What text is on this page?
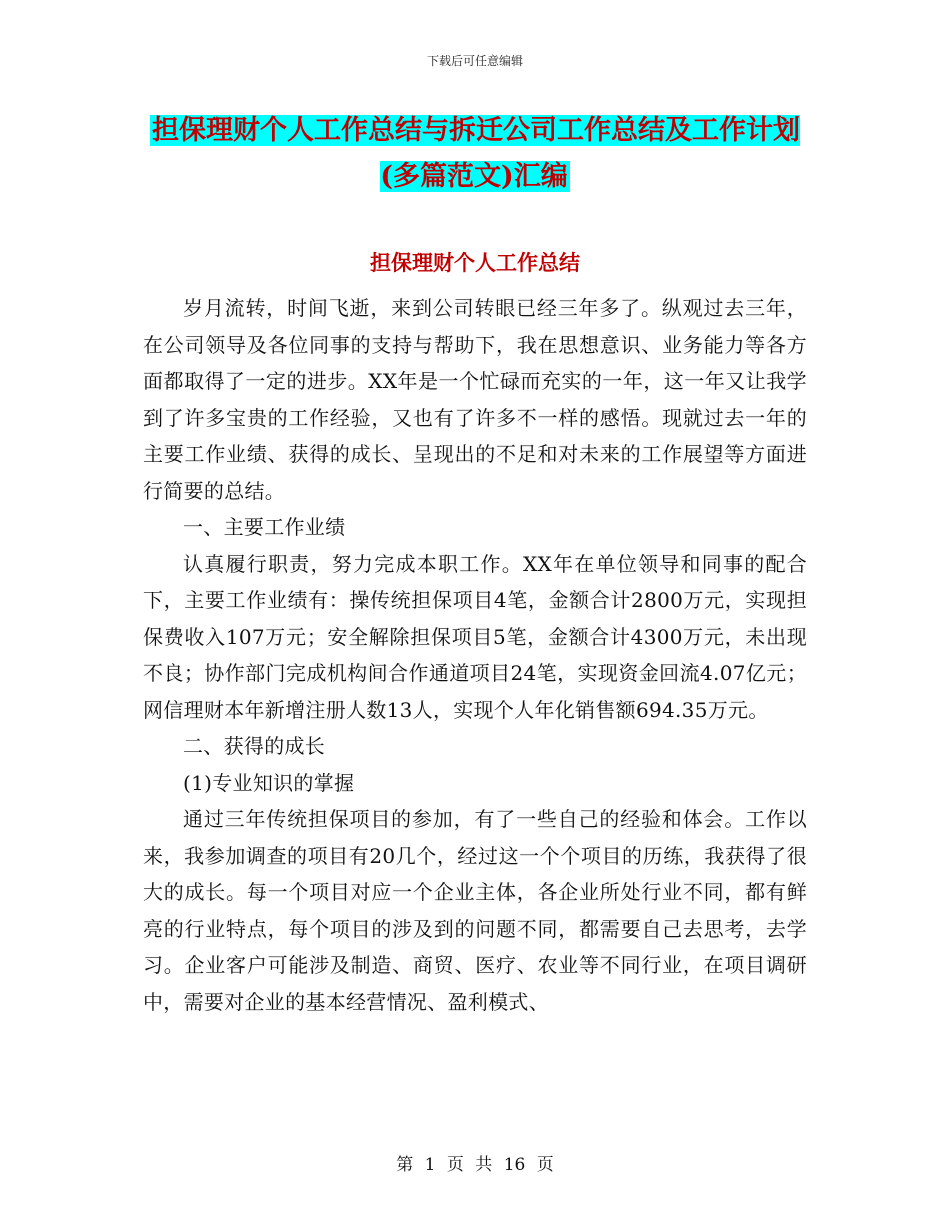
下载后可任意编辑
担保理财个人工作总结与拆迁公司工作总结及工作计划(多篇范文)汇编
担保理财个人工作总结

岁月流转，时间飞逝，来到公司转眼已经三年多了。纵观过去三年，在公司领导及各位同事的支持与帮助下，我在思想意识、业务能力等各方面都取得了一定的进步。XX年是一个忙碌而充实的一年，这一年又让我学到了许多宝贵的工作经验，又也有了许多不一样的感悟。现就过去一年的主要工作业绩、获得的成长、呈现出的不足和对未来的工作展望等方面进行简要的总结。

一、主要工作业绩

认真履行职责，努力完成本职工作。XX年在单位领导和同事的配合下，主要工作业绩有：操传统担保项目4笔，金额合计2800万元，实现担保费收入107万元；安全解除担保项目5笔，金额合计4300万元，未出现不良；协作部门完成机构间合作通道项目24笔，实现资金回流4.07亿元；网信理财本年新增注册人数13人，实现个人年化销售额694.35万元。

二、获得的成长

(1)专业知识的掌握

通过三年传统担保项目的参加，有了一些自己的经验和体会。工作以来，我参加调查的项目有20几个，经过这一个个项目的历练，我获得了很大的成长。每一个项目对应一个企业主体，各企业所处行业不同，都有鲜亮的行业特点，每个项目的涉及到的问题不同，都需要自己去思考，去学习。企业客户可能涉及制造、商贸、医疗、农业等不同行业，在项目调研中，需要对企业的基本经营情况、盈利模式、

第 1 页 共 16 页
